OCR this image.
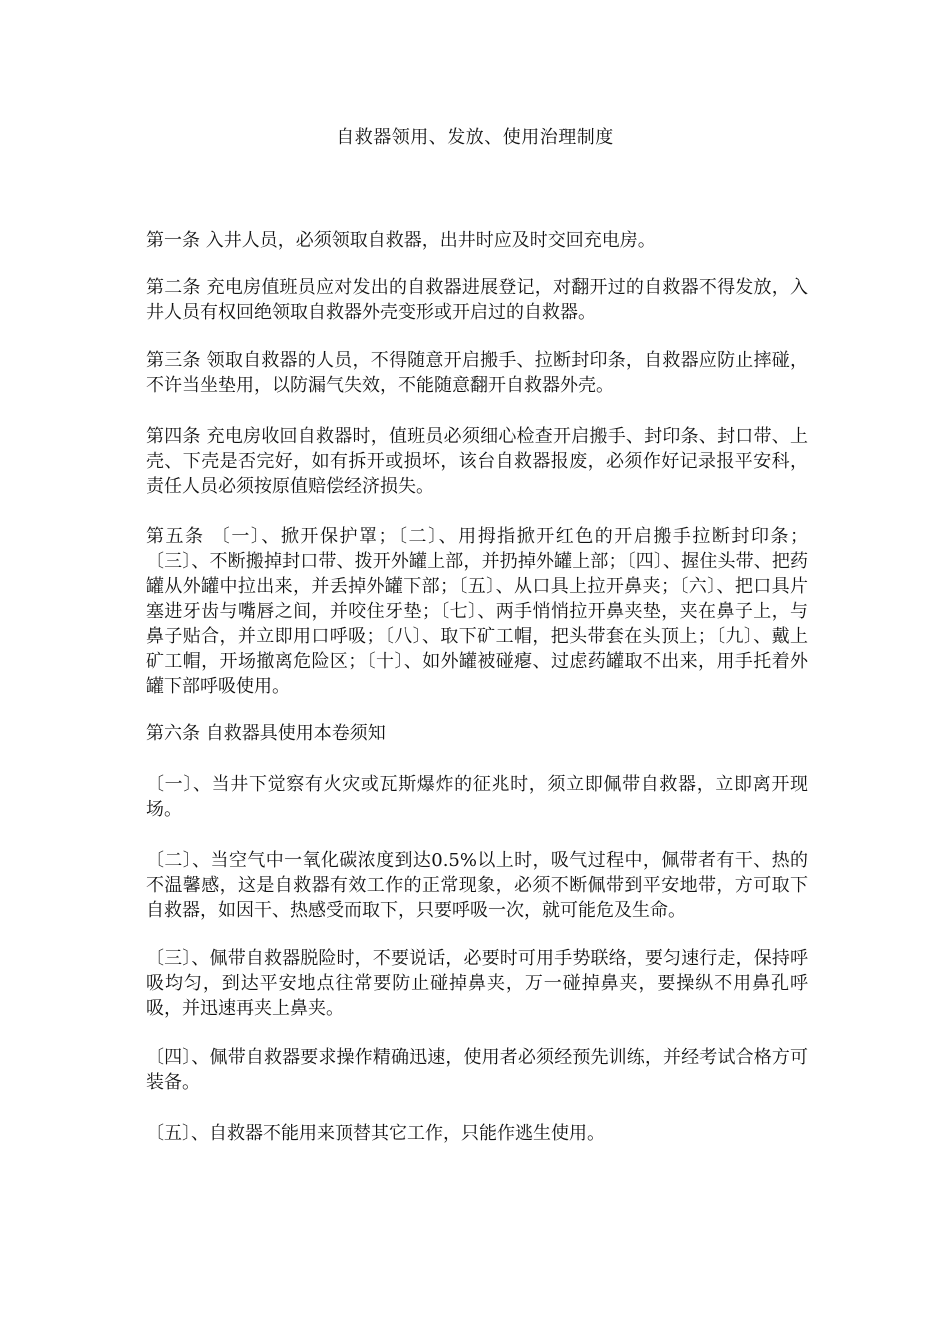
自救器领用、发放、使用治理制度
第一条 入井人员，必须领取自救器，出井时应及时交回充电房。
第二条 充电房值班员应对发出的自救器进展登记，对翻开过的自救器不得发放，入井人员有权回绝领取自救器外壳变形或开启过的自救器。
第三条 领取自救器的人员，不得随意开启搬手、拉断封印条，自救器应防止摔碰，不许当坐垫用，以防漏气失效，不能随意翻开自救器外壳。
第四条 充电房收回自救器时，值班员必须细心检查开启搬手、封印条、封口带、上壳、下壳是否完好，如有拆开或损坏，该台自救器报废，必须作好记录报平安科，责任人员必须按原值赔偿经济损失。
第五条 〔一〕、掀开保护罩；〔二〕、用拇指掀开红色的开启搬手拉断封印条；〔三〕、不断搬掉封口带、拨开外罐上部，并扔掉外罐上部；〔四〕、握住头带、把药罐从外罐中拉出来，并丢掉外罐下部；〔五〕、从口具上拉开鼻夹；〔六〕、把口具片塞进牙齿与嘴唇之间，并咬住牙垫；〔七〕、两手悄悄拉开鼻夹垫，夹在鼻子上，与鼻子贴合，并立即用口呼吸；〔八〕、取下矿工帽，把头带套在头顶上；〔九〕、戴上矿工帽，开场撤离危险区；〔十〕、如外罐被碰瘪、过虑药罐取不出来，用手托着外罐下部呼吸使用。
第六条 自救器具使用本卷须知
〔一〕、当井下觉察有火灾或瓦斯爆炸的征兆时，须立即佩带自救器，立即离开现场。
〔二〕、当空气中一氧化碳浓度到达0.5%以上时，吸气过程中，佩带者有干、热的不温馨感，这是自救器有效工作的正常现象，必须不断佩带到平安地带，方可取下自救器，如因干、热感受而取下，只要呼吸一次，就可能危及生命。
〔三〕、佩带自救器脱险时，不要说话，必要时可用手势联络，要匀速行走，保持呼吸均匀，到达平安地点往常要防止碰掉鼻夹，万一碰掉鼻夹，要操纵不用鼻孔呼吸，并迅速再夹上鼻夹。
〔四〕、佩带自救器要求操作精确迅速，使用者必须经预先训练，并经考试合格方可装备。
〔五〕、自救器不能用来顶替其它工作，只能作逃生使用。
